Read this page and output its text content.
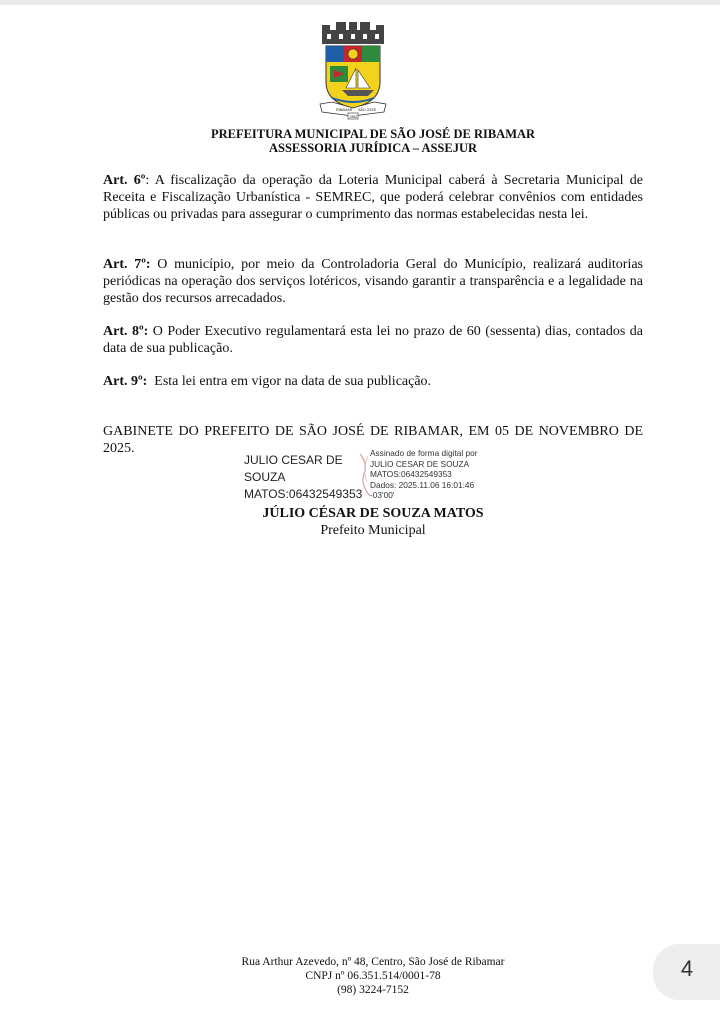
RIBAMAR SÃO JOSÉ
1952
PREFEITURA MUNICIPAL DE SÃO JOSÉ DE RIBAMAR
ASSESSORIA JURÍDICA – ASSEJUR

Art. 6º: A fiscalização da operação da Loteria Municipal caberá à Secretaria Municipal de Receita e Fiscalização Urbanística - SEMREC, que poderá celebrar convênios com entidades públicas ou privadas para assegurar o cumprimento das normas estabelecidas nesta lei.

Art. 7º: O município, por meio da Controladoria Geral do Município, realizará auditorias periódicas na operação dos serviços lotéricos, visando garantir a transparência e a legalidade na gestão dos recursos arrecadados.

Art. 8º: O Poder Executivo regulamentará esta lei no prazo de 60 (sessenta) dias, contados da data de sua publicação.

Art. 9º:  Esta lei entra em vigor na data de sua publicação.

GABINETE DO PREFEITO DE SÃO JOSÉ DE RIBAMAR, EM 05 DE NOVEMBRO DE 2025.
JULIO CESAR DE
SOUZA
MATOS:06432549353
Assinado de forma digital por
JULIO CESAR DE SOUZA
MATOS:06432549353
Dados: 2025.11.06 16:01:46
-03'00'
JÚLIO CÉSAR DE SOUZA MATOS
Prefeito Municipal
Rua Arthur Azevedo, nº 48, Centro, São José de Ribamar
CNPJ nº 06.351.514/0001-78
(98) 3224-7152
4
